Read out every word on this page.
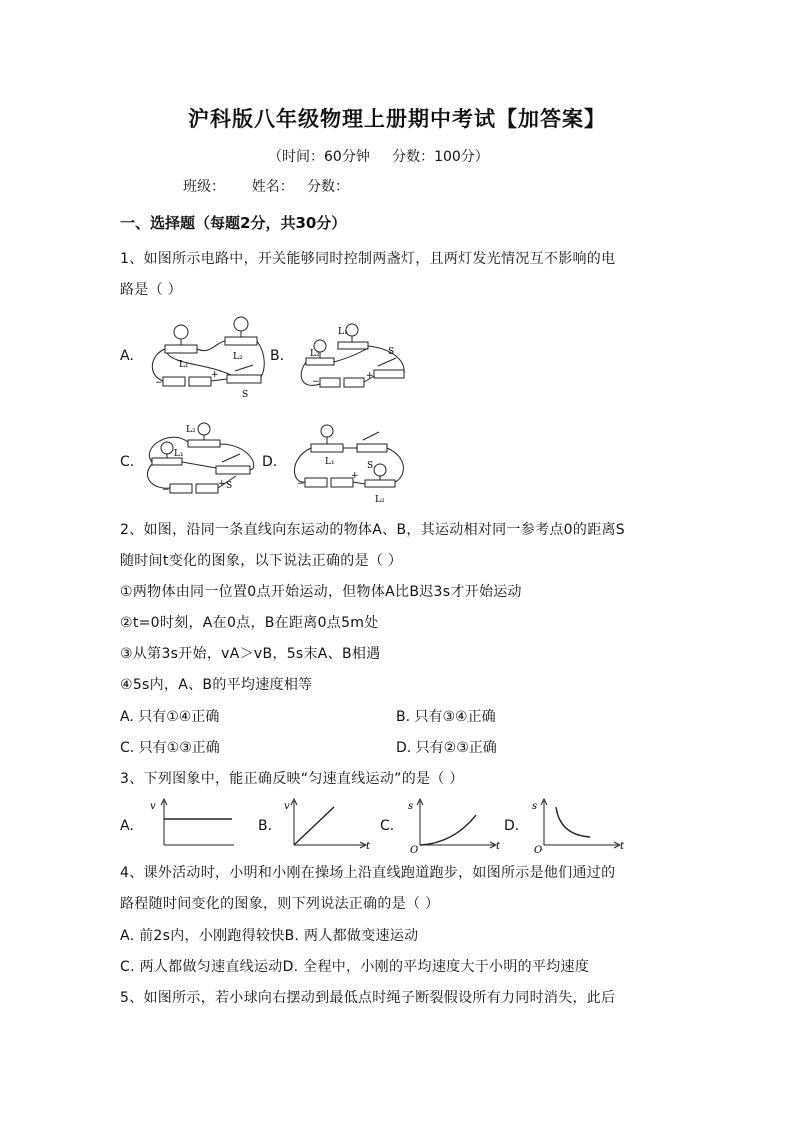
沪科版八年级物理上册期中考试【加答案】
（时间：60分钟     分数：100分）
班级：      姓名：   分数：
一、选择题（每题2分，共30分）
1、如图所示电路中，开关能够同时控制两盏灯，且两灯发光情况互不影响的电
路是（ ）
A.	B.
C.	D.
L₁
L₂
S
−
+
L₁
L₂	S
−
+
L₁
L₂
S
−
+
L₁	S
L₂
−
+
2、如图，沿同一条直线向东运动的物体A、B，其运动相对同一参考点0的距离S
随时间t变化的图象，以下说法正确的是（ ）
①两物体由同一位置0点开始运动，但物体A比B迟3s才开始运动
②t=0时刻，A在0点，B在距离0点5m处
③从第3s开始，vA＞vB，5s末A、B相遇
④5s内，A、B的平均速度相等
A. 只有①④正确	B. 只有③④正确
C. 只有①③正确	D. 只有②③正确
3、下列图象中，能正确反映“匀速直线运动”的是（ ）
A.	B.	C.	D.
v	v
t
s
t
O
s
t
O
4、课外活动时，小明和小刚在操场上沿直线跑道跑步，如图所示是他们通过的
路程随时间变化的图象，则下列说法正确的是（ ）
A. 前2s内，小刚跑得较快B. 两人都做变速运动
C. 两人都做匀速直线运动D. 全程中，小刚的平均速度大于小明的平均速度
5、如图所示，若小球向右摆动到最低点时绳子断裂假设所有力同时消失，此后
